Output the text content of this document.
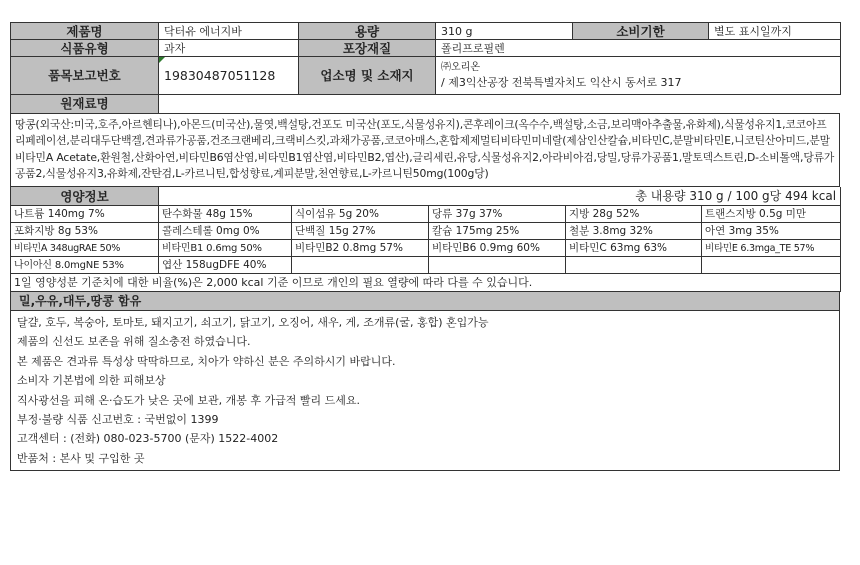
제품명	닥터유 에너지바	용량	310 g	소비기한	별도 표시일까지
식품유형	과자	포장재질	폴리프로필렌		
품목보고번호	19830487051128	업소명 및 소재지	㈜오리온
/ 제3익산공장 전북특별자치도 익산시 동서로 317		
원재료명	
땅콩(외국산:미국,호주,아르헨티나),아몬드(미국산),물엿,백설탕,건포도 미국산(포도,식물성유지),콘후레이크(옥수수,백설탕,소금,보리맥아추출물,유화제),식물성유지1,코코아프리페레이션,분리대두단백겔,견과류가공품,건조크랜베리,크랙비스킷,과채가공품,코코아매스,혼합제제멀티비타민미네랄(제삼인산칼슘,비타민C,분말비타민E,니코틴산아미드,분말비타민A Acetate,환원철,산화아연,비타민B6염산염,비타민B1염산염,비타민B2,엽산),글리세린,유당,식물성유지2,아라비아검,당밀,당류가공품1,말토덱스트린,D-소비톨액,당류가공품2,식물성유지3,유화제,잔탄검,L-카르니틴,합성향료,계피분말,천연향료,L-카르니틴50mg(100g당)
영양정보	총 내용량 310 g / 100 g당 494 kcal				
나트륨 140mg 7%	탄수화물 48g 15%	식이섬유 5g 20%	당류 37g 37%	지방 28g 52%	트랜스지방 0.5g 미만
포화지방 8g 53%	콜레스테롤 0mg 0%	단백질 15g 27%	칼슘 175mg 25%	철분 3.8mg 32%	아연 3mg 35%
비타민A 348ugRAE 50%	비타민B1 0.6mg 50%	비타민B2 0.8mg 57%	비타민B6 0.9mg 60%	비타민C 63mg 63%	비타민E 6.3mga_TE 57%
나이아신 8.0mgNE 53%	엽산 158ugDFE 40%				
1일 영양성분 기준치에 대한 비율(%)은 2,000 kcal 기준 이므로 개인의 필요 열량에 따라 다를 수 있습니다.					
밀,우유,대두,땅콩 함유

달걀, 호두, 복숭아, 토마토, 돼지고기, 쇠고기, 닭고기, 오징어, 새우, 게, 조개류(굴, 홍합) 혼입가능
제품의 신선도 보존을 위해 질소충전 하였습니다.
본 제품은 견과류 특성상 딱딱하므로, 치아가 약하신 분은 주의하시기 바랍니다.
소비자 기본법에 의한 피해보상
직사광선을 피해 온·습도가 낮은 곳에 보관, 개봉 후 가급적 빨리 드세요.
부정·불량 식품 신고번호 : 국번없이 1399
고객센터 : (전화) 080-023-5700 (문자) 1522-4002
반품처 : 본사 및 구입한 곳
